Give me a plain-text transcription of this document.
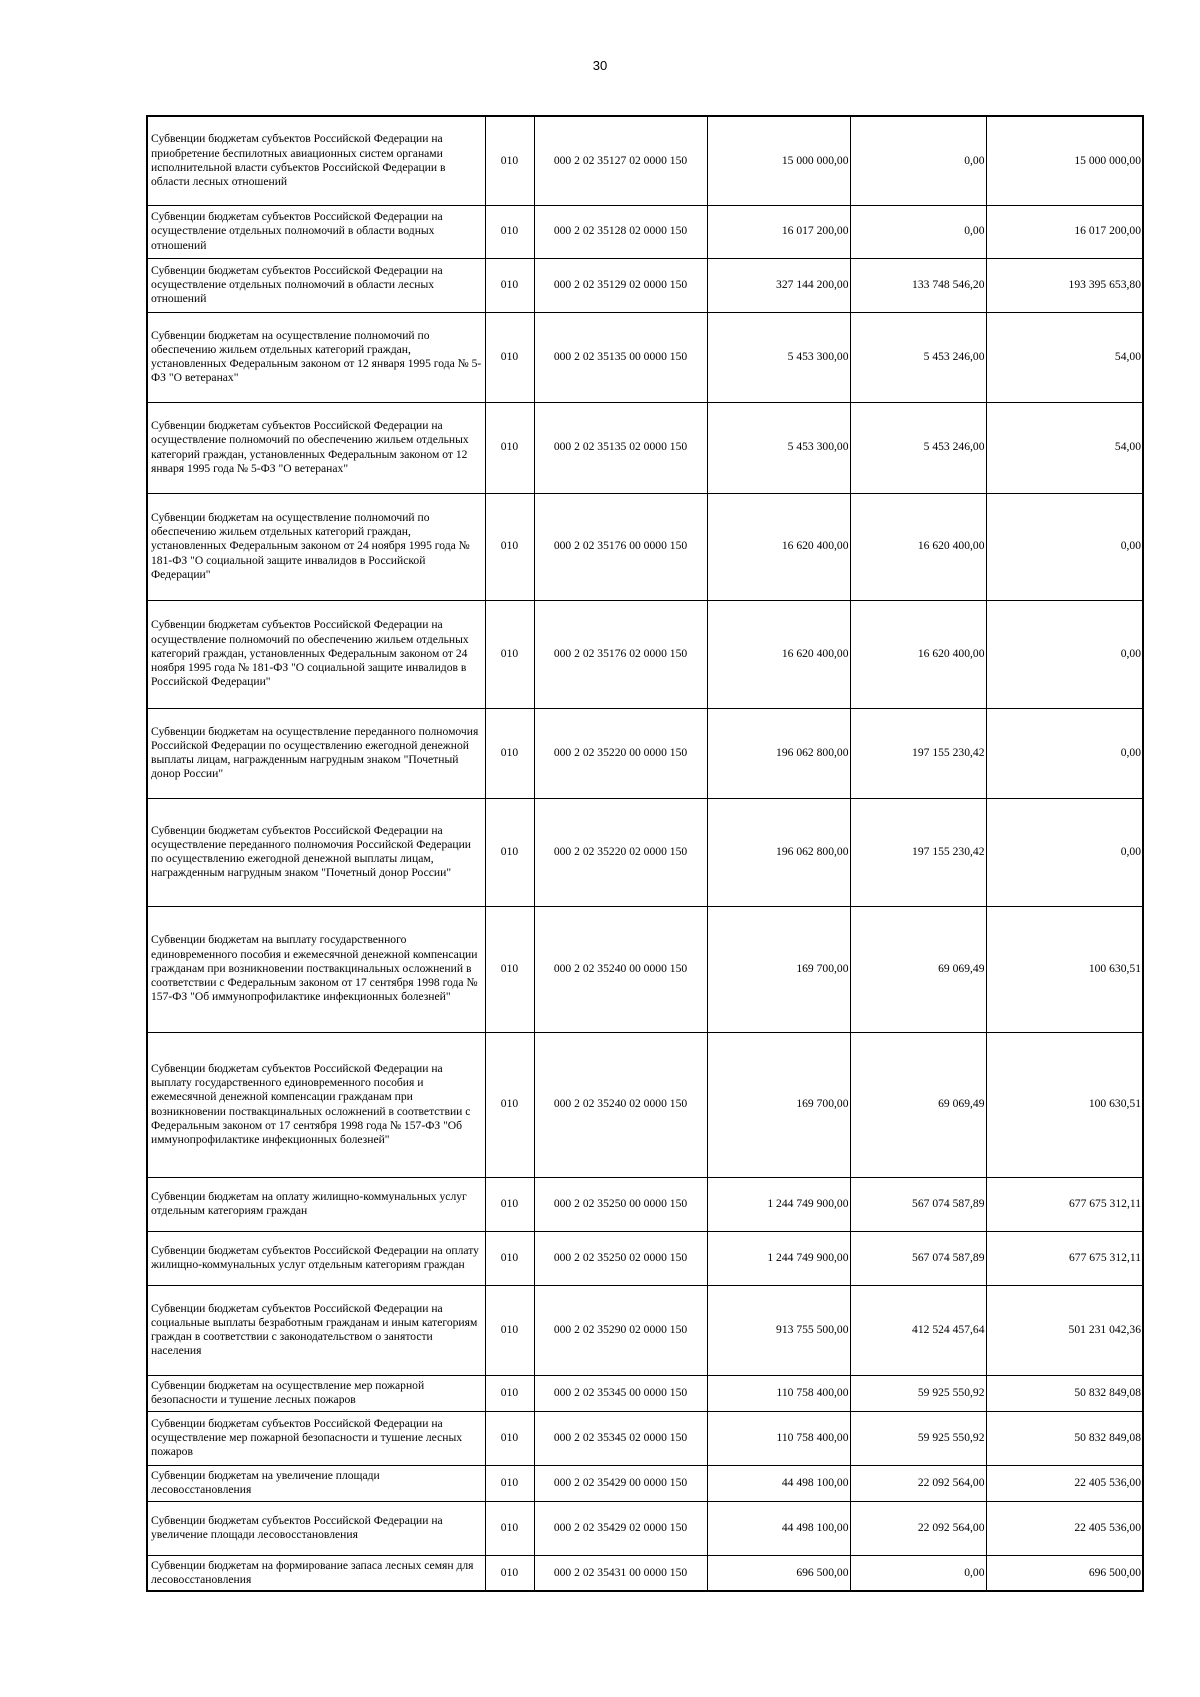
30
Субвенции бюджетам субъектов Российской Федерации на приобретение беспилотных авиационных систем органами исполнительной власти субъектов Российской Федерации в области лесных отношений	010	000 2 02 35127 02 0000 150	15 000 000,00	0,00	15 000 000,00
Субвенции бюджетам субъектов Российской Федерации на осуществление отдельных полномочий в области водных отношений	010	000 2 02 35128 02 0000 150	16 017 200,00	0,00	16 017 200,00
Субвенции бюджетам субъектов Российской Федерации на осуществление отдельных полномочий в области лесных отношений	010	000 2 02 35129 02 0000 150	327 144 200,00	133 748 546,20	193 395 653,80
Субвенции бюджетам на осуществление полномочий по обеспечению жильем отдельных категорий граждан, установленных Федеральным законом от 12 января 1995 года № 5-ФЗ "О ветеранах"	010	000 2 02 35135 00 0000 150	5 453 300,00	5 453 246,00	54,00
Субвенции бюджетам субъектов Российской Федерации на осуществление полномочий по обеспечению жильем отдельных категорий граждан, установленных Федеральным законом от 12 января 1995 года № 5-ФЗ "О ветеранах"	010	000 2 02 35135 02 0000 150	5 453 300,00	5 453 246,00	54,00
Субвенции бюджетам на осуществление полномочий по обеспечению жильем отдельных категорий граждан, установленных Федеральным законом от 24 ноября 1995 года № 181-ФЗ "О социальной защите инвалидов в Российской Федерации"	010	000 2 02 35176 00 0000 150	16 620 400,00	16 620 400,00	0,00
Субвенции бюджетам субъектов Российской Федерации на осуществление полномочий по обеспечению жильем отдельных категорий граждан, установленных Федеральным законом от 24 ноября 1995 года № 181-ФЗ "О социальной защите инвалидов в Российской Федерации"	010	000 2 02 35176 02 0000 150	16 620 400,00	16 620 400,00	0,00
Субвенции бюджетам на осуществление переданного полномочия Российской Федерации по осуществлению ежегодной денежной выплаты лицам, награжденным нагрудным знаком "Почетный донор России"	010	000 2 02 35220 00 0000 150	196 062 800,00	197 155 230,42	0,00
Субвенции бюджетам субъектов Российской Федерации на осуществление переданного полномочия Российской Федерации по осуществлению ежегодной денежной выплаты лицам, награжденным нагрудным знаком "Почетный донор России"	010	000 2 02 35220 02 0000 150	196 062 800,00	197 155 230,42	0,00
Субвенции бюджетам на выплату государственного единовременного пособия и ежемесячной денежной компенсации гражданам при возникновении поствакцинальных осложнений в соответствии с Федеральным законом от 17 сентября 1998 года № 157-ФЗ "Об иммунопрофилактике инфекционных болезней"	010	000 2 02 35240 00 0000 150	169 700,00	69 069,49	100 630,51
Субвенции бюджетам субъектов Российской Федерации на выплату государственного единовременного пособия и ежемесячной денежной компенсации гражданам при возникновении поствакцинальных осложнений в соответствии с Федеральным законом от 17 сентября 1998 года № 157-ФЗ "Об иммунопрофилактике инфекционных болезней"	010	000 2 02 35240 02 0000 150	169 700,00	69 069,49	100 630,51
Субвенции бюджетам на оплату жилищно-коммунальных услуг отдельным категориям граждан	010	000 2 02 35250 00 0000 150	1 244 749 900,00	567 074 587,89	677 675 312,11
Субвенции бюджетам субъектов Российской Федерации на оплату жилищно-коммунальных услуг отдельным категориям граждан	010	000 2 02 35250 02 0000 150	1 244 749 900,00	567 074 587,89	677 675 312,11
Субвенции бюджетам субъектов Российской Федерации на социальные выплаты безработным гражданам и иным категориям граждан в соответствии с законодательством о занятости населения	010	000 2 02 35290 02 0000 150	913 755 500,00	412 524 457,64	501 231 042,36
Субвенции бюджетам на осуществление мер пожарной безопасности и тушение лесных пожаров	010	000 2 02 35345 00 0000 150	110 758 400,00	59 925 550,92	50 832 849,08
Субвенции бюджетам субъектов Российской Федерации на осуществление мер пожарной безопасности и тушение лесных пожаров	010	000 2 02 35345 02 0000 150	110 758 400,00	59 925 550,92	50 832 849,08
Субвенции бюджетам на увеличение площади лесовосстановления	010	000 2 02 35429 00 0000 150	44 498 100,00	22 092 564,00	22 405 536,00
Субвенции бюджетам субъектов Российской Федерации на увеличение площади лесовосстановления	010	000 2 02 35429 02 0000 150	44 498 100,00	22 092 564,00	22 405 536,00
Субвенции бюджетам на формирование запаса лесных семян для лесовосстановления	010	000 2 02 35431 00 0000 150	696 500,00	0,00	696 500,00
